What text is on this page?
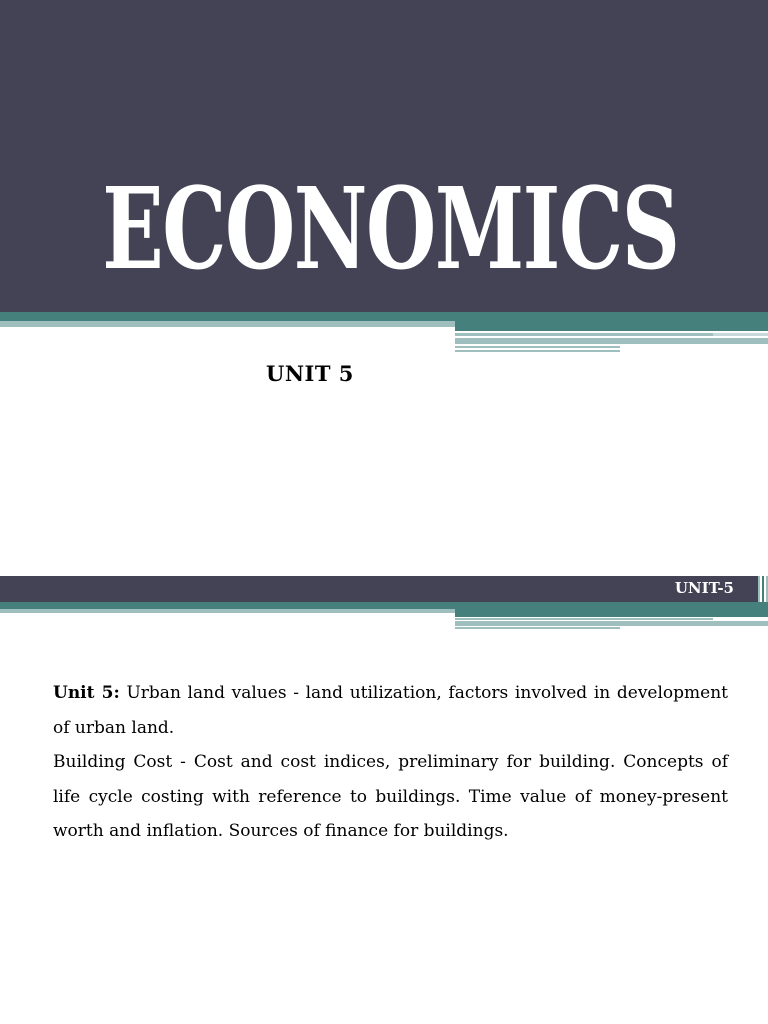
ECONOMICS
UNIT 5
UNIT-5

Unit 5: Urban land values - land utilization, factors involved in development of urban land.

Building Cost - Cost and cost indices, preliminary for building. Concepts of life cycle costing with reference to buildings. Time value of money-present worth and inflation. Sources of finance for buildings.
